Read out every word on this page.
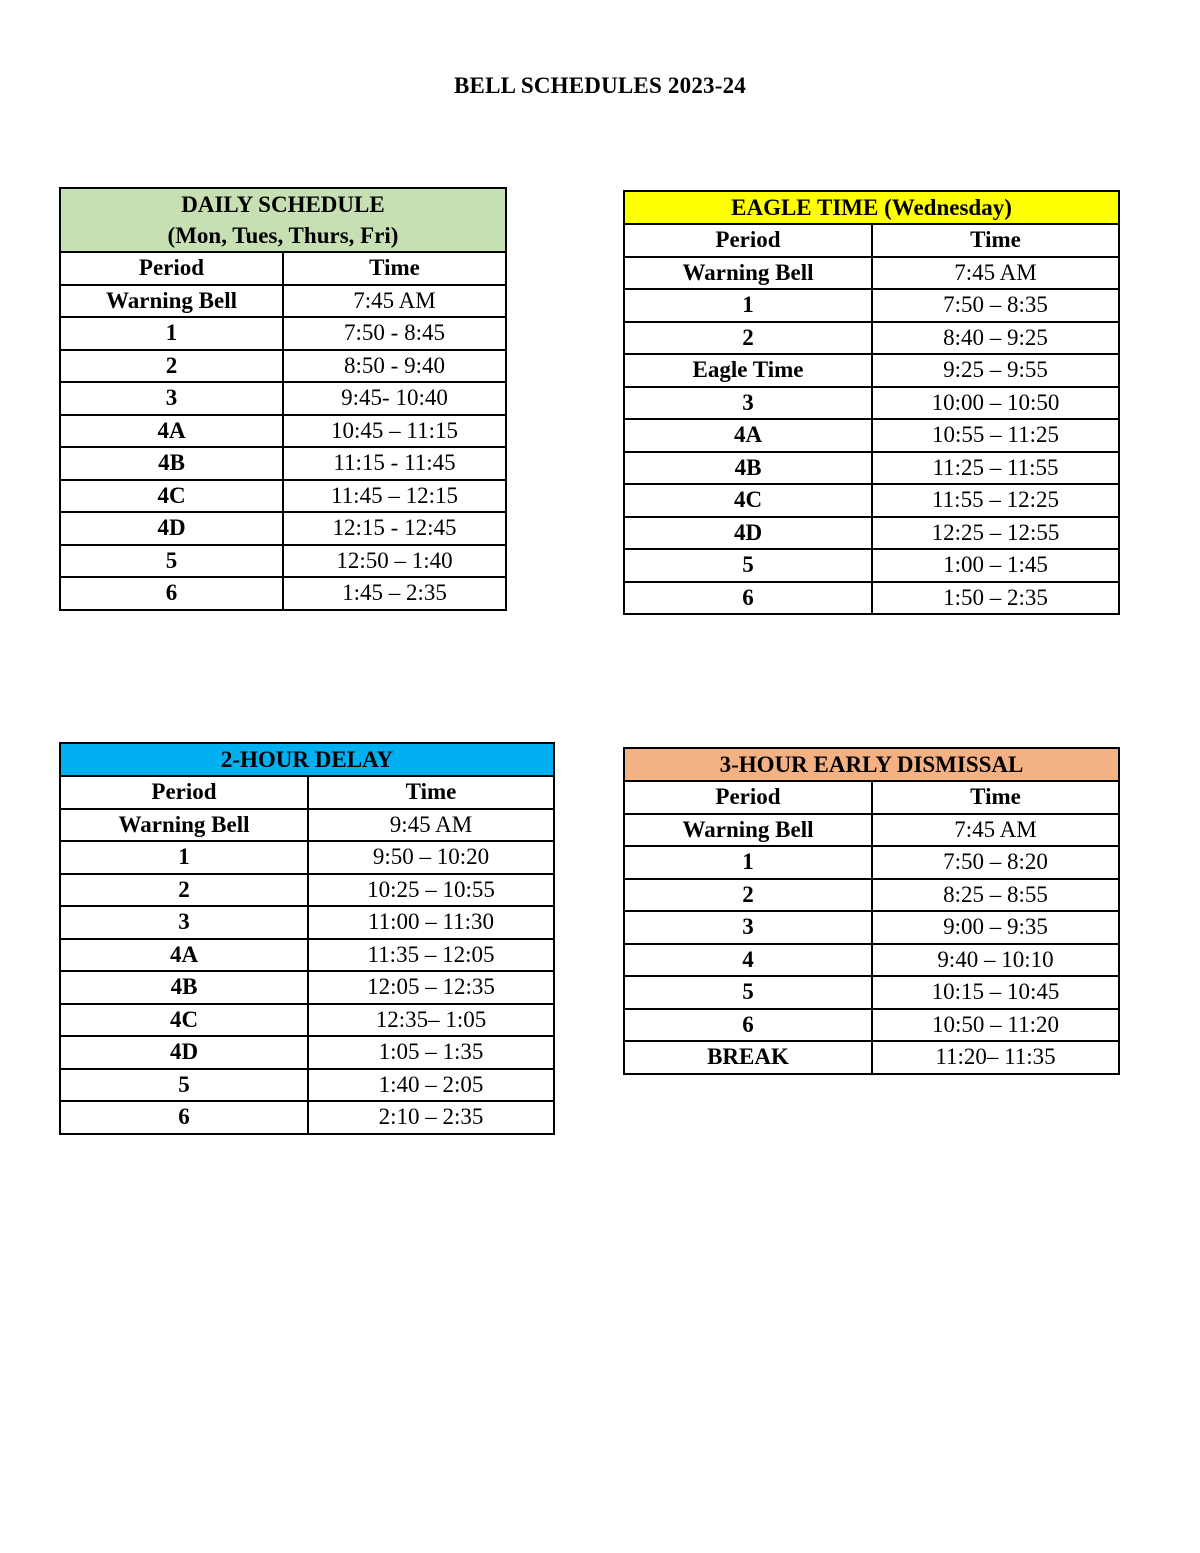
BELL SCHEDULES 2023-24
DAILY SCHEDULE
(Mon, Tues, Thurs, Fri)	

Period	Time
Warning Bell	7:45 AM
1	7:50 - 8:45
2	8:50 - 9:40
3	9:45- 10:40
4A	10:45 – 11:15
4B	11:15 - 11:45
4C	11:45 – 12:15
4D	12:15 - 12:45
5	12:50 – 1:40
6	1:45 – 2:35
EAGLE TIME (Wednesday)	
Period	Time
Warning Bell	7:45 AM
1	7:50 – 8:35
2	8:40 – 9:25
Eagle Time	9:25 – 9:55
3	10:00 – 10:50
4A	10:55 – 11:25
4B	11:25 – 11:55
4C	11:55 – 12:25
4D	12:25 – 12:55
5	1:00 – 1:45
6	1:50 – 2:35
2-HOUR DELAY	
Period	Time
Warning Bell	9:45 AM
1	9:50 – 10:20
2	10:25 – 10:55
3	11:00 – 11:30
4A	11:35 – 12:05
4B	12:05 – 12:35
4C	12:35– 1:05
4D	1:05 – 1:35
5	1:40 – 2:05
6	2:10 – 2:35
3-HOUR EARLY DISMISSAL	
Period	Time
Warning Bell	7:45 AM
1	7:50 – 8:20
2	8:25 – 8:55
3	9:00 – 9:35
4	9:40 – 10:10
5	10:15 – 10:45
6	10:50 – 11:20
BREAK	11:20– 11:35
